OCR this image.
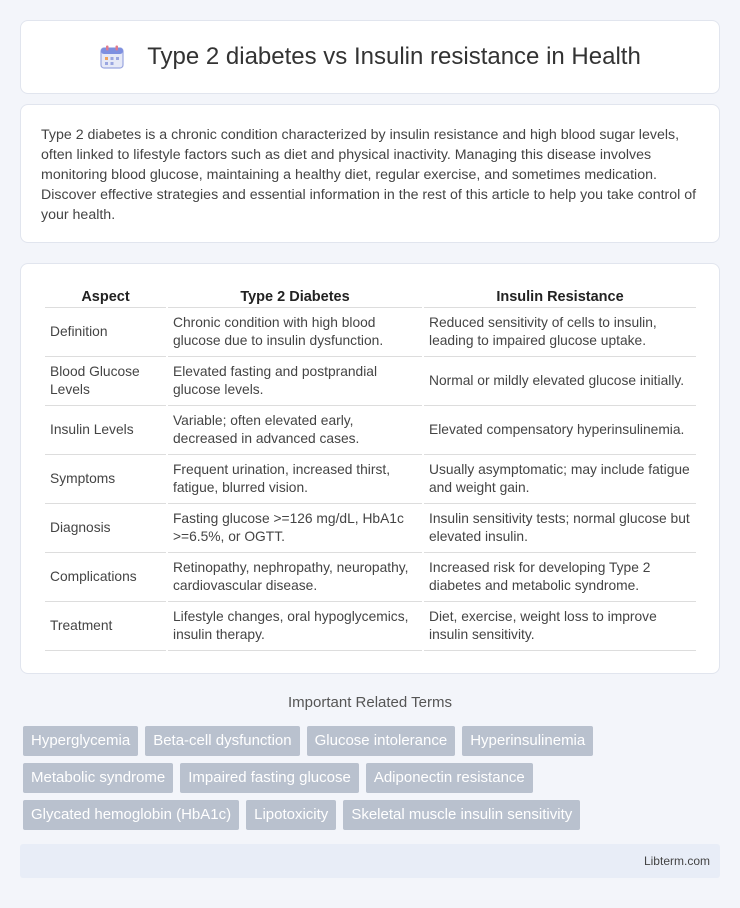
Type 2 diabetes vs Insulin resistance in Health

Type 2 diabetes is a chronic condition characterized by insulin resistance and high blood sugar levels, often linked to lifestyle factors such as diet and physical inactivity. Managing this disease involves monitoring blood glucose, maintaining a healthy diet, regular exercise, and sometimes medication. Discover effective strategies and essential information in the rest of this article to help you take control of your health.

Aspect	Type 2 Diabetes	Insulin Resistance
Definition	Chronic condition with high blood glucose due to insulin dysfunction.	Reduced sensitivity of cells to insulin, leading to impaired glucose uptake.
Blood Glucose Levels	Elevated fasting and postprandial glucose levels.	Normal or mildly elevated glucose initially.
Insulin Levels	Variable; often elevated early, decreased in advanced cases.	Elevated compensatory hyperinsulinemia.
Symptoms	Frequent urination, increased thirst, fatigue, blurred vision.	Usually asymptomatic; may include fatigue and weight gain.
Diagnosis	Fasting glucose >=126 mg/dL, HbA1c >=6.5%, or OGTT.	Insulin sensitivity tests; normal glucose but elevated insulin.
Complications	Retinopathy, nephropathy, neuropathy, cardiovascular disease.	Increased risk for developing Type 2 diabetes and metabolic syndrome.
Treatment	Lifestyle changes, oral hypoglycemics, insulin therapy.	Diet, exercise, weight loss to improve insulin sensitivity.
Important Related Terms
Hyperglycemia	Beta-cell dysfunction	Glucose intolerance	Hyperinsulinemia
Metabolic syndrome	Impaired fasting glucose	Adiponectin resistance
Glycated hemoglobin (HbA1c)	Lipotoxicity	Skeletal muscle insulin sensitivity
Libterm.com
